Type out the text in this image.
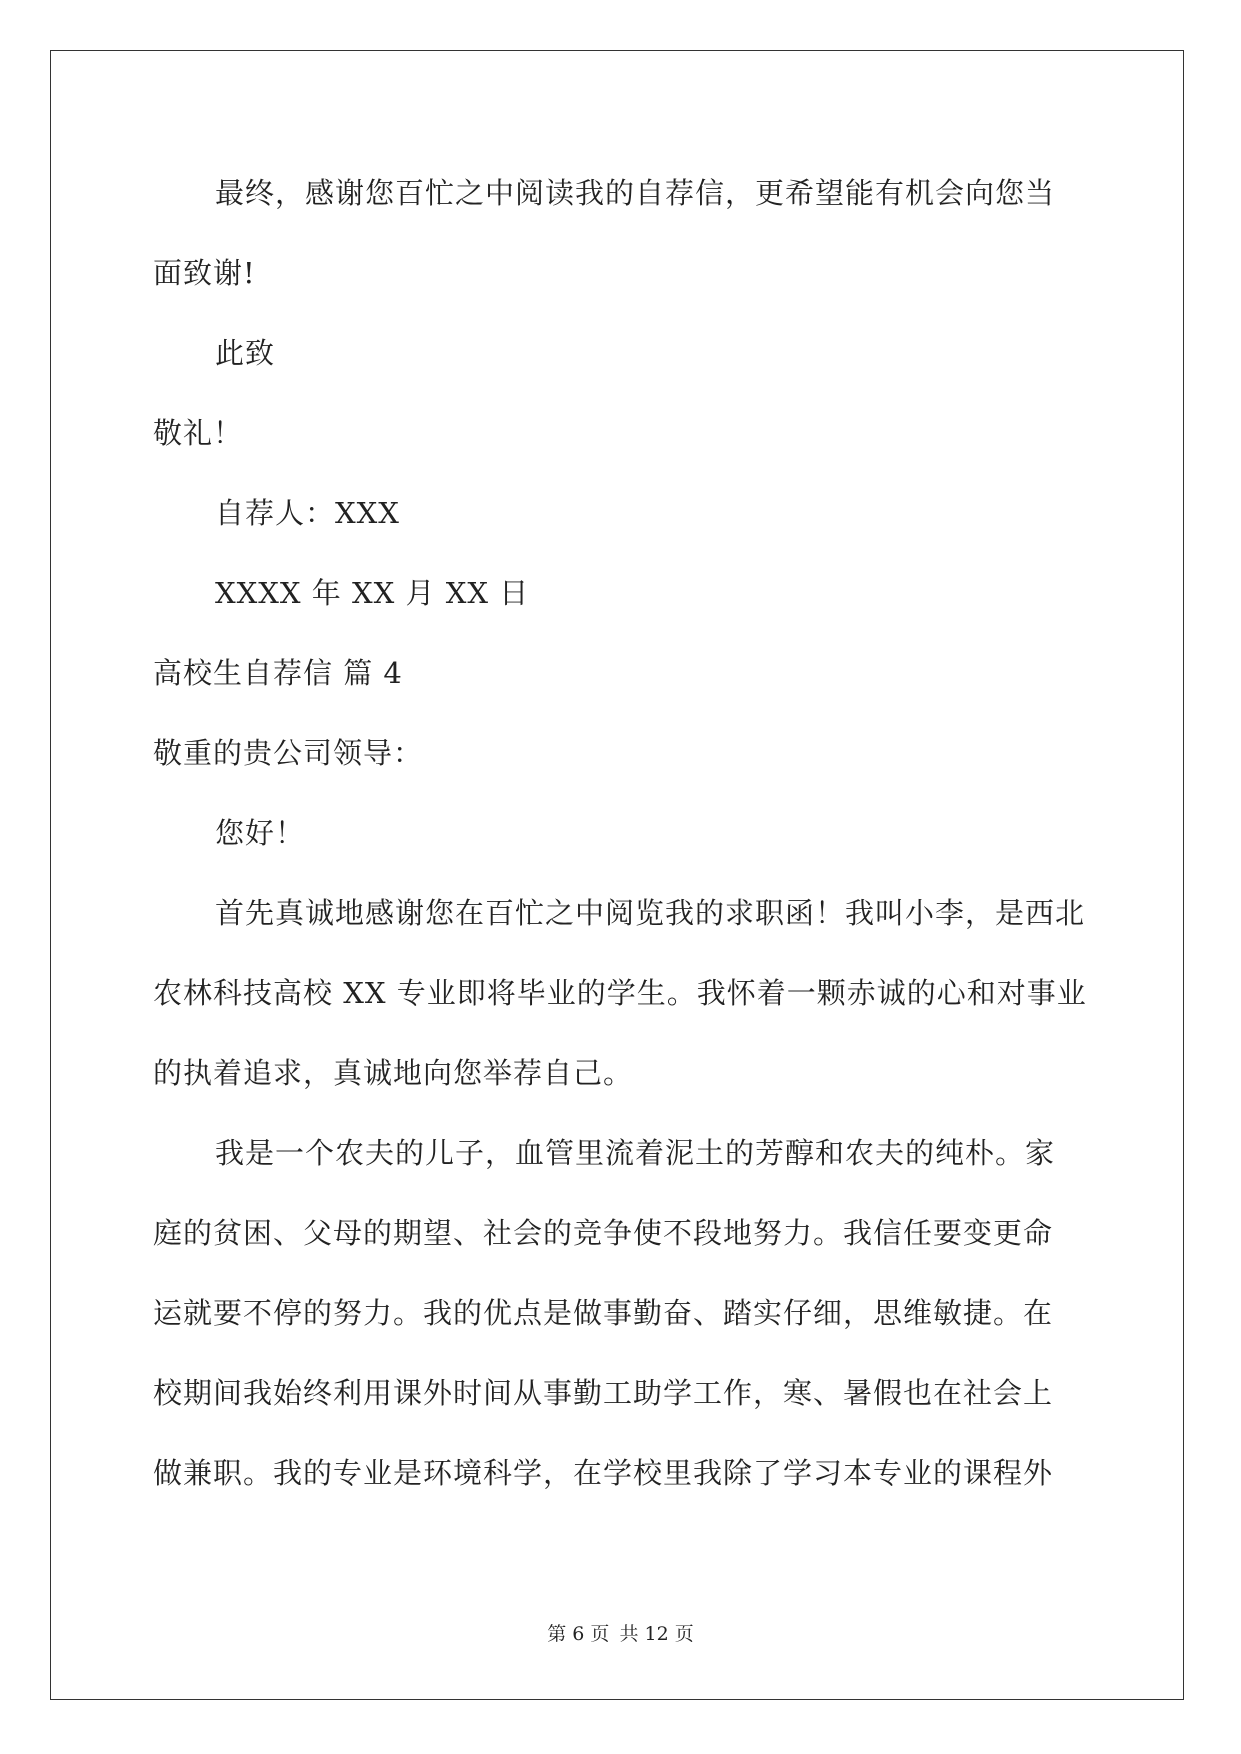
最终，感谢您百忙之中阅读我的自荐信，更希望能有机会向您当
面致谢!
此致
敬礼！
自荐人：XXX
XXXX 年 XX 月 XX 日
高校生自荐信 篇 4
敬重的贵公司领导：
您好！
首先真诚地感谢您在百忙之中阅览我的求职函！我叫小李，是西北
农林科技高校 XX 专业即将毕业的学生。我怀着一颗赤诚的心和对事业
的执着追求，真诚地向您举荐自己。
我是一个农夫的儿子，血管里流着泥土的芳醇和农夫的纯朴。家
庭的贫困、父母的期望、社会的竞争使不段地努力。我信任要变更命
运就要不停的努力。我的优点是做事勤奋、踏实仔细，思维敏捷。在
校期间我始终利用课外时间从事勤工助学工作，寒、暑假也在社会上
做兼职。我的专业是环境科学，在学校里我除了学习本专业的课程外
第 6 页 共 12 页
